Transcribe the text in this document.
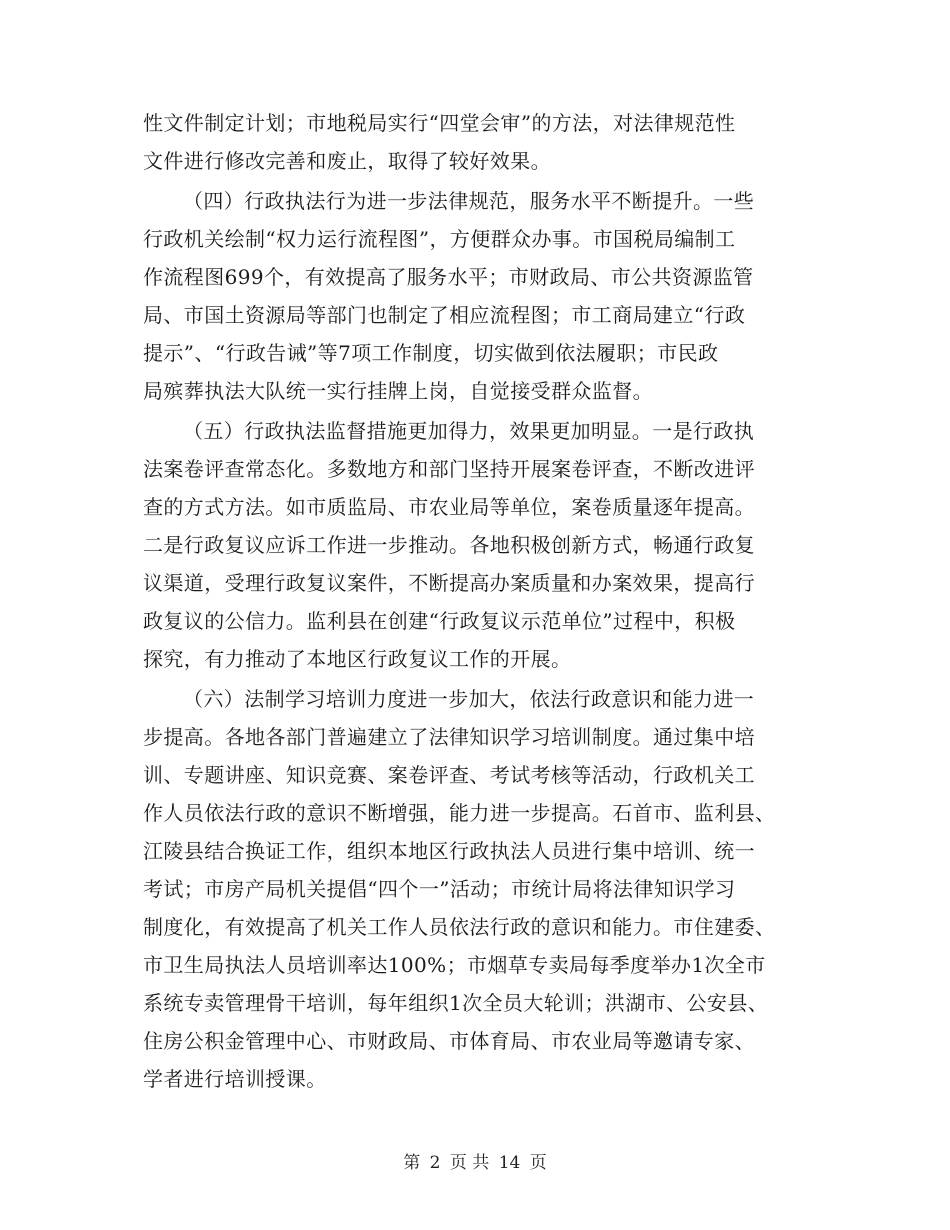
性文件制定计划；市地税局实行“四堂会审”的方法，对法律规范性
文件进行修改完善和废止，取得了较好效果。
（四）行政执法行为进一步法律规范，服务水平不断提升。一些
行政机关绘制“权力运行流程图”，方便群众办事。市国税局编制工
作流程图699个，有效提高了服务水平；市财政局、市公共资源监管
局、市国土资源局等部门也制定了相应流程图；市工商局建立“行政
提示”、“行政告诫”等7项工作制度，切实做到依法履职；市民政
局殡葬执法大队统一实行挂牌上岗，自觉接受群众监督。
（五）行政执法监督措施更加得力，效果更加明显。一是行政执
法案卷评查常态化。多数地方和部门坚持开展案卷评查，不断改进评
查的方式方法。如市质监局、市农业局等单位，案卷质量逐年提高。
二是行政复议应诉工作进一步推动。各地积极创新方式，畅通行政复
议渠道，受理行政复议案件，不断提高办案质量和办案效果，提高行
政复议的公信力。监利县在创建“行政复议示范单位”过程中，积极
探究，有力推动了本地区行政复议工作的开展。
（六）法制学习培训力度进一步加大，依法行政意识和能力进一
步提高。各地各部门普遍建立了法律知识学习培训制度。通过集中培
训、专题讲座、知识竞赛、案卷评查、考试考核等活动，行政机关工
作人员依法行政的意识不断增强，能力进一步提高。石首市、监利县、
江陵县结合换证工作，组织本地区行政执法人员进行集中培训、统一
考试；市房产局机关提倡“四个一”活动；市统计局将法律知识学习
制度化，有效提高了机关工作人员依法行政的意识和能力。市住建委、
市卫生局执法人员培训率达100%；市烟草专卖局每季度举办1次全市
系统专卖管理骨干培训，每年组织1次全员大轮训；洪湖市、公安县、
住房公积金管理中心、市财政局、市体育局、市农业局等邀请专家、
学者进行培训授课。
第 2 页 共 14 页
